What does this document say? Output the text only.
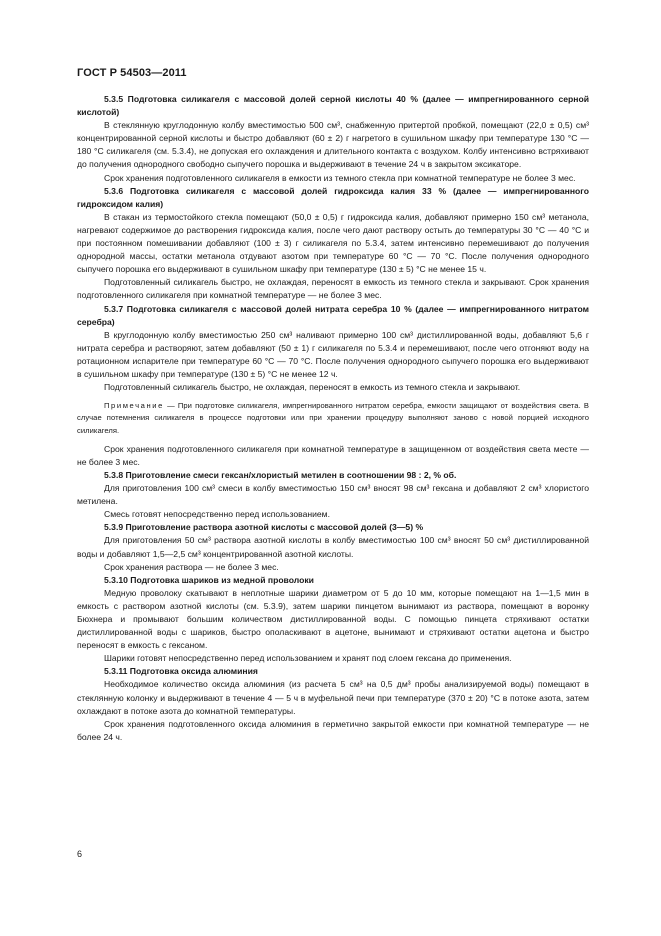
ГОСТ Р 54503—2011

5.3.5 Подготовка силикагеля с массовой долей серной кислоты 40 % (далее — импрегнированного серной кислотой)

В стеклянную круглодонную колбу вместимостью 500 см³, снабженную притертой пробкой, помещают (22,0 ± 0,5) см³ концентрированной серной кислоты и быстро добавляют (60 ± 2) г нагретого в сушильном шкафу при температуре 130 °С — 180 °С силикагеля (см. 5.3.4), не допуская его охлаждения и длительного контакта с воздухом. Колбу интенсивно встряхивают до получения однородного свободно сыпучего порошка и выдерживают в течение 24 ч в закрытом эксикаторе.

Срок хранения подготовленного силикагеля в емкости из темного стекла при комнатной температуре не более 3 мес.

5.3.6 Подготовка силикагеля с массовой долей гидроксида калия 33 % (далее — импрегнированного гидроксидом калия)

В стакан из термостойкого стекла помещают (50,0 ± 0,5) г гидроксида калия, добавляют примерно 150 см³ метанола, нагревают содержимое до растворения гидроксида калия, после чего дают раствору остыть до температуры 30 °С — 40 °С и при постоянном помешивании добавляют (100 ± 3) г силикагеля по 5.3.4, затем интенсивно перемешивают до получения однородной массы, остатки метанола отдувают азотом при температуре 60 °С — 70 °С. После получения однородного сыпучего порошка его выдерживают в сушильном шкафу при температуре (130 ± 5) °С не менее 15 ч.

Подготовленный силикагель быстро, не охлаждая, переносят в емкость из темного стекла и закрывают. Срок хранения подготовленного силикагеля при комнатной температуре — не более 3 мес.

5.3.7 Подготовка силикагеля с массовой долей нитрата серебра 10 % (далее — импрегнированного нитратом серебра)

В круглодонную колбу вместимостью 250 см³ наливают примерно 100 см³ дистиллированной воды, добавляют 5,6 г нитрата серебра и растворяют, затем добавляют (50 ± 1) г силикагеля по 5.3.4 и перемешивают, после чего отгоняют воду на ротационном испарителе при температуре 60 °С — 70 °С. После получения однородного сыпучего порошка его выдерживают в сушильном шкафу при температуре (130 ± 5) °С не менее 12 ч.

Подготовленный силикагель быстро, не охлаждая, переносят в емкость из темного стекла и закрывают.

Примечание — При подготовке силикагеля, импрегнированного нитратом серебра, емкости защищают от воздействия света. В случае потемнения силикагеля в процессе подготовки или при хранении процедуру выполняют заново с новой порцией исходного силикагеля.

Срок хранения подготовленного силикагеля при комнатной температуре в защищенном от воздействия света месте — не более 3 мес.

5.3.8 Приготовление смеси гексан/хлористый метилен в соотношении 98 : 2, % об.

Для приготовления 100 см³ смеси в колбу вместимостью 150 см³ вносят 98 см³ гексана и добавляют 2 см³ хлористого метилена.

Смесь готовят непосредственно перед использованием.

5.3.9 Приготовление раствора азотной кислоты с массовой долей (3—5) %

Для приготовления 50 см³ раствора азотной кислоты в колбу вместимостью 100 см³ вносят 50 см³ дистиллированной воды и добавляют 1,5—2,5 см³ концентрированной азотной кислоты.

Срок хранения раствора — не более 3 мес.

5.3.10 Подготовка шариков из медной проволоки

Медную проволоку скатывают в неплотные шарики диаметром от 5 до 10 мм, которые помещают на 1—1,5 мин в емкость с раствором азотной кислоты (см. 5.3.9), затем шарики пинцетом вынимают из раствора, помещают в воронку Бюхнера и промывают большим количеством дистиллированной воды. С помощью пинцета стряхивают остатки дистиллированной воды с шариков, быстро ополаскивают в ацетоне, вынимают и стряхивают остатки ацетона и быстро переносят в емкость с гексаном.

Шарики готовят непосредственно перед использованием и хранят под слоем гексана до применения.

5.3.11 Подготовка оксида алюминия

Необходимое количество оксида алюминия (из расчета 5 см³ на 0,5 дм³ пробы анализируемой воды) помещают в стеклянную колонку и выдерживают в течение 4 — 5 ч в муфельной печи при температуре (370 ± 20) °С в потоке азота, затем охлаждают в потоке азота до комнатной температуры.

Срок хранения подготовленного оксида алюминия в герметично закрытой емкости при комнатной температуре — не более 24 ч.

6
